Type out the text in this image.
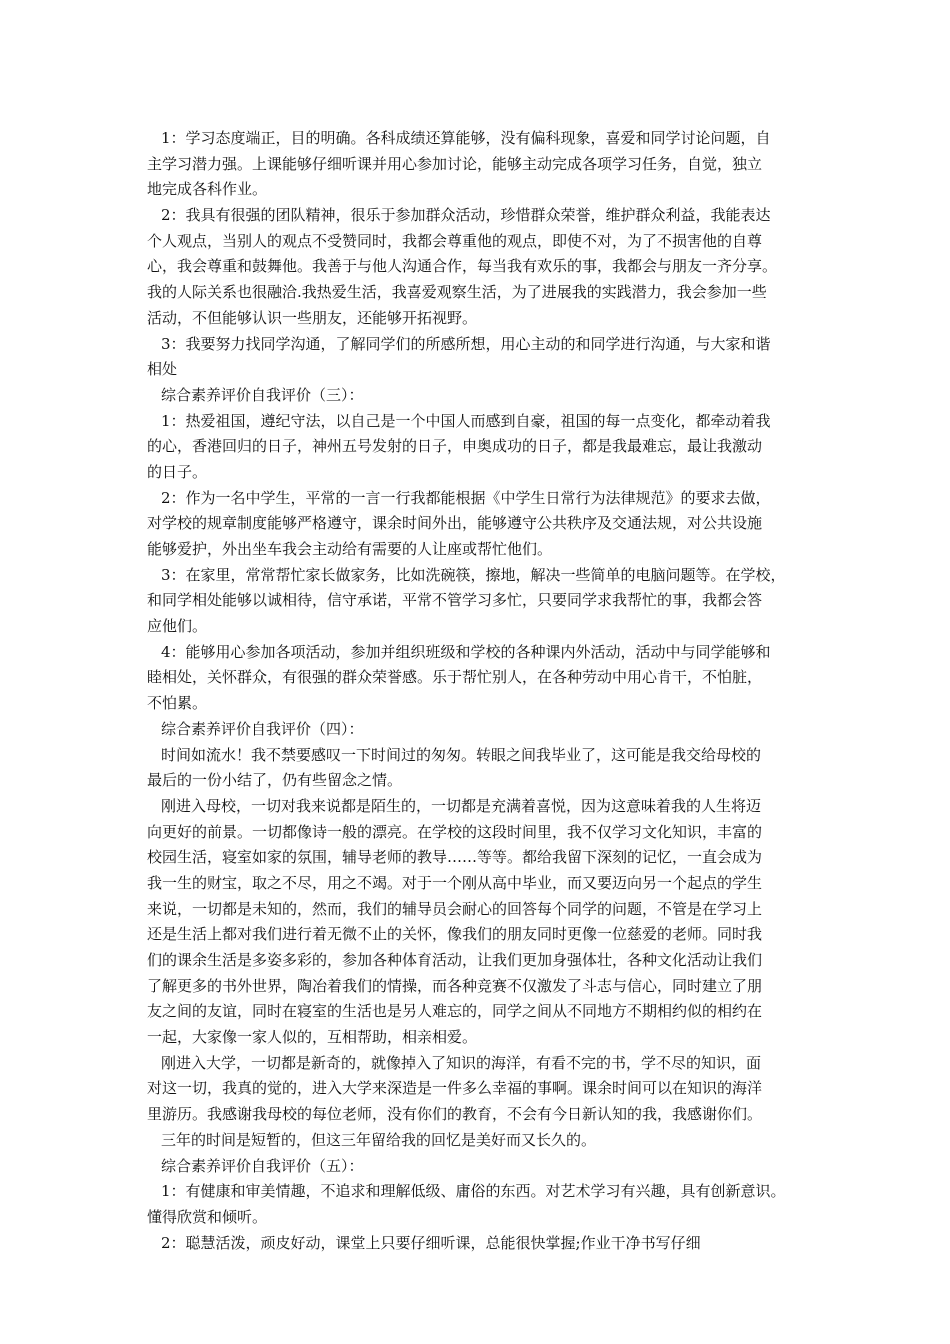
1：学习态度端正，目的明确。各科成绩还算能够，没有偏科现象，喜爱和同学讨论问题，自
主学习潜力强。上课能够仔细听课并用心参加讨论，能够主动完成各项学习任务，自觉，独立
地完成各科作业。
2：我具有很强的团队精神，很乐于参加群众活动，珍惜群众荣誉，维护群众利益，我能表达
个人观点，当别人的观点不受赞同时，我都会尊重他的观点，即使不对，为了不损害他的自尊
心，我会尊重和鼓舞他。我善于与他人沟通合作，每当我有欢乐的事，我都会与朋友一齐分享。
我的人际关系也很融洽.我热爱生活，我喜爱观察生活，为了进展我的实践潜力，我会参加一些
活动，不但能够认识一些朋友，还能够开拓视野。
3：我要努力找同学沟通，了解同学们的所感所想，用心主动的和同学进行沟通，与大家和谐
相处
综合素养评价自我评价（三）：
1：热爱祖国，遵纪守法，以自己是一个中国人而感到自豪，祖国的每一点变化，都牵动着我
的心，香港回归的日子，神州五号发射的日子，申奥成功的日子，都是我最难忘，最让我激动
的日子。
2：作为一名中学生，平常的一言一行我都能根据《中学生日常行为法律规范》的要求去做，
对学校的规章制度能够严格遵守，课余时间外出，能够遵守公共秩序及交通法规，对公共设施
能够爱护，外出坐车我会主动给有需要的人让座或帮忙他们。
3：在家里，常常帮忙家长做家务，比如洗碗筷，擦地，解决一些简单的电脑问题等。在学校，
和同学相处能够以诚相待，信守承诺，平常不管学习多忙，只要同学求我帮忙的事，我都会答
应他们。
4：能够用心参加各项活动，参加并组织班级和学校的各种课内外活动，活动中与同学能够和
睦相处，关怀群众，有很强的群众荣誉感。乐于帮忙别人，在各种劳动中用心肯干，不怕脏，
不怕累。
综合素养评价自我评价（四）：
时间如流水！我不禁要感叹一下时间过的匆匆。转眼之间我毕业了，这可能是我交给母校的
最后的一份小结了，仍有些留念之情。
刚进入母校，一切对我来说都是陌生的，一切都是充满着喜悦，因为这意味着我的人生将迈
向更好的前景。一切都像诗一般的漂亮。在学校的这段时间里，我不仅学习文化知识，丰富的
校园生活，寝室如家的氛围，辅导老师的教导……等等。都给我留下深刻的记忆，一直会成为
我一生的财宝，取之不尽，用之不竭。对于一个刚从高中毕业，而又要迈向另一个起点的学生
来说，一切都是未知的，然而，我们的辅导员会耐心的回答每个同学的问题，不管是在学习上
还是生活上都对我们进行着无微不止的关怀，像我们的朋友同时更像一位慈爱的老师。同时我
们的课余生活是多姿多彩的，参加各种体育活动，让我们更加身强体壮，各种文化活动让我们
了解更多的书外世界，陶冶着我们的情操，而各种竞赛不仅激发了斗志与信心，同时建立了朋
友之间的友谊，同时在寝室的生活也是另人难忘的，同学之间从不同地方不期相约似的相约在
一起，大家像一家人似的，互相帮助，相亲相爱。
刚进入大学，一切都是新奇的，就像掉入了知识的海洋，有看不完的书，学不尽的知识，面
对这一切，我真的觉的，进入大学来深造是一件多么幸福的事啊。课余时间可以在知识的海洋
里游历。我感谢我母校的每位老师，没有你们的教育，不会有今日新认知的我，我感谢你们。
三年的时间是短暂的，但这三年留给我的回忆是美好而又长久的。
综合素养评价自我评价（五）：
1：有健康和审美情趣，不追求和理解低级、庸俗的东西。对艺术学习有兴趣，具有创新意识。
懂得欣赏和倾听。
2：聪慧活泼，顽皮好动，课堂上只要仔细听课，总能很快掌握;作业干净书写仔细
